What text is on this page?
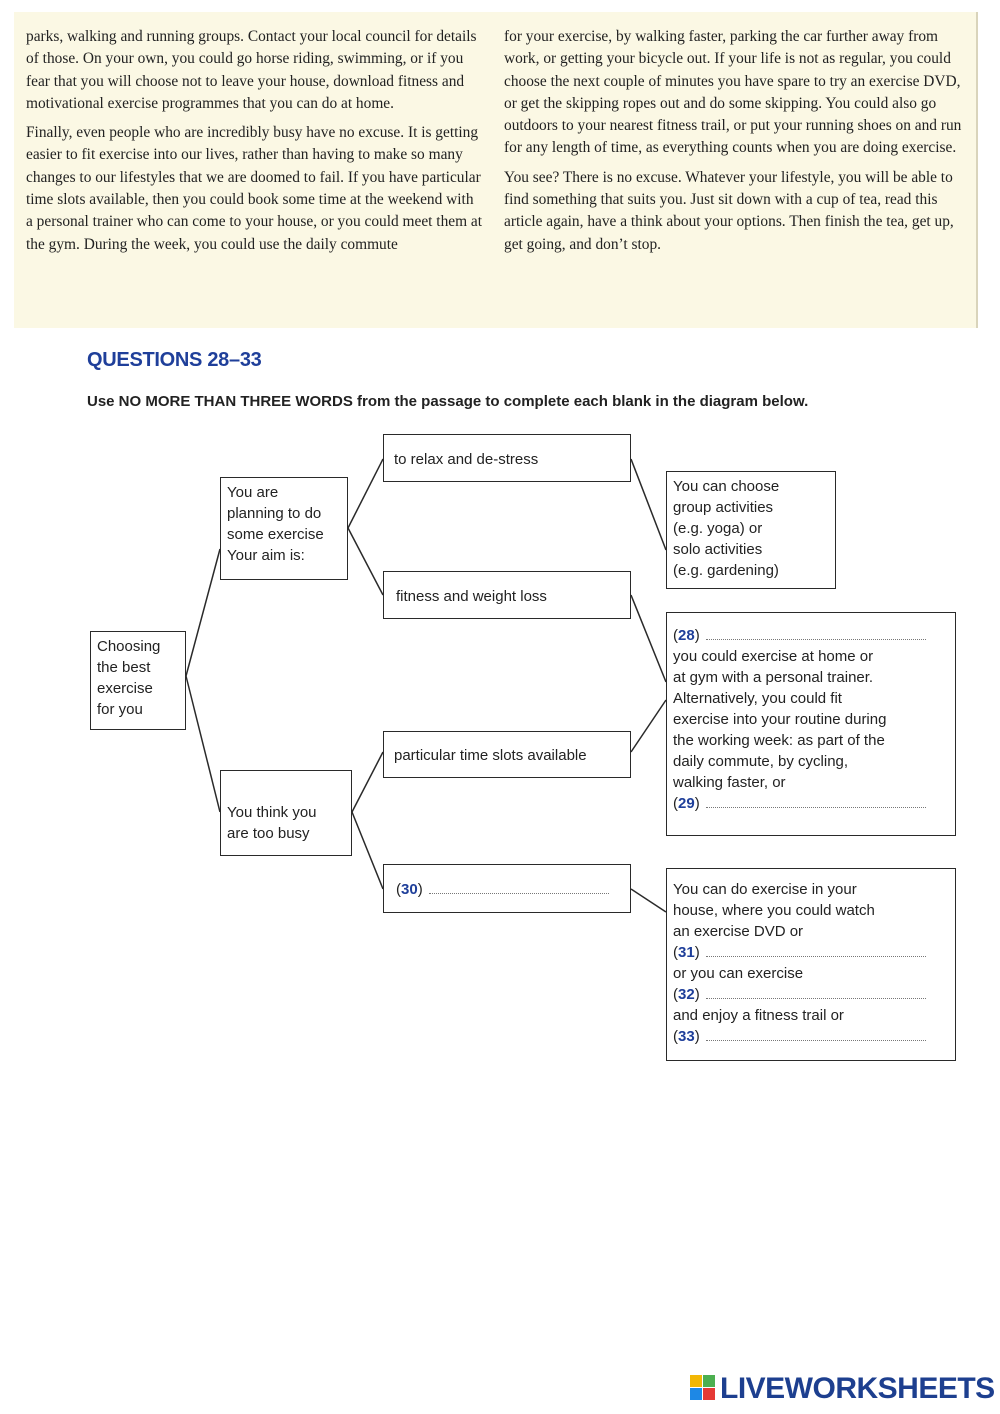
parks, walking and running groups. Contact your local council for details of those. On your own, you could go horse riding, swimming, or if you fear that you will choose not to leave your house, download fitness and motivational exercise programmes that you can do at home.

Finally, even people who are incredibly busy have no excuse. It is getting easier to fit exercise into our lives, rather than having to make so many changes to our lifestyles that we are doomed to fail. If you have particular time slots available, then you could book some time at the weekend with a personal trainer who can come to your house, or you could meet them at the gym. During the week, you could use the daily commute

for your exercise, by walking faster, parking the car further away from work, or getting your bicycle out. If your life is not as regular, you could choose the next couple of minutes you have spare to try an exercise DVD, or get the skipping ropes out and do some skipping. You could also go outdoors to your nearest fitness trail, or put your running shoes on and run for any length of time, as everything counts when you are doing exercise.

You see? There is no excuse. Whatever your lifestyle, you will be able to find something that suits you. Just sit down with a cup of tea, read this article again, have a think about your options. Then finish the tea, get up, get going, and don’t stop.

QUESTIONS 28–33
Use NO MORE THAN THREE WORDS from the passage to complete each blank in the diagram below.
Choosing
the best
exercise
for you
You are
planning to do
some exercise
Your aim is:
You think you
are too busy
to relax and de-stress
fitness and weight loss
particular time slots available
(30)
You can choose
group activities
(e.g. yoga) or
solo activities
(e.g. gardening)
(28)
you could exercise at home or
at gym with a personal trainer.
Alternatively, you could fit
exercise into your routine during
the working week: as part of the
daily commute, by cycling,
walking faster, or
(29)
You can do exercise in your
house, where you could watch
an exercise DVD or
(31)
or you can exercise
(32)
and enjoy a fitness trail or
(33)
LIVEWORKSHEETS
